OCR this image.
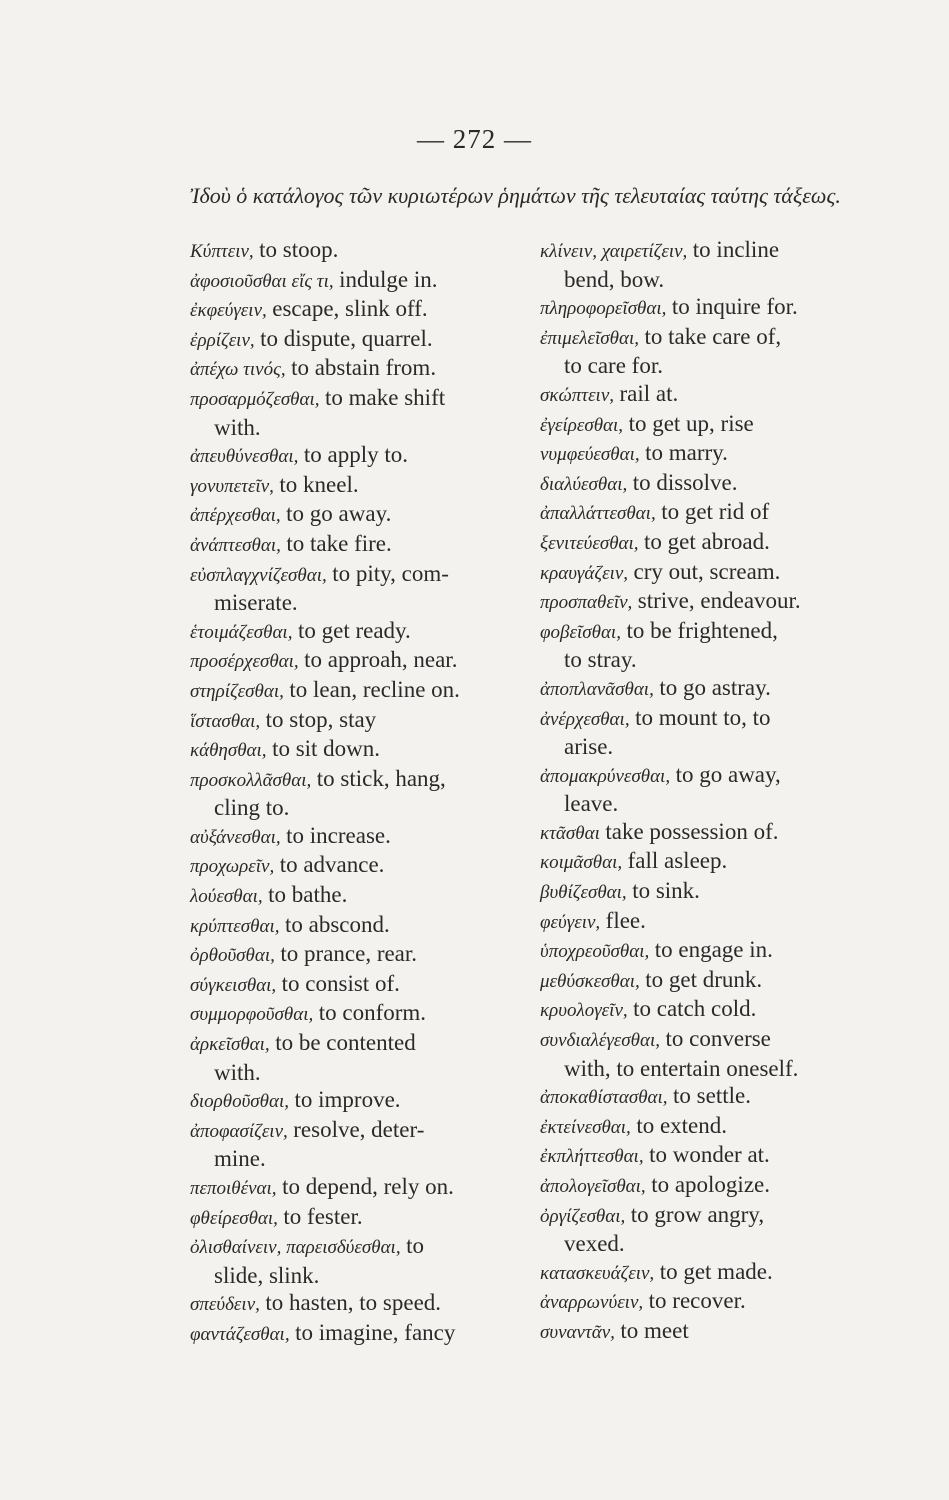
— 272 —
Ἰδοὺ ὁ κατάλογος τῶν κυριωτέρων ῥημάτων τῆς τελευταίας ταύτης τάξεως.
Κύπτειν, to stoop.
ἀφοσιοῦσθαι εἴς τι, indulge in.
ἐκφεύγειν, escape, slink off.
ἐρρίζειν, to dispute, quarrel.
ἀπέχω τινός, to abstain from.
προσαρμόζεσθαι, to make shift
with.
ἀπευθύνεσθαι, to apply to.
γονυπετεῖν, to kneel.
ἀπέρχεσθαι, to go away.
ἀνάπτεσθαι, to take fire.
εὐσπλαγχνίζεσθαι, to pity, com-
miserate.
ἑτοιμάζεσθαι, to get ready.
προσέρχεσθαι, to approah, near.
στηρίζεσθαι, to lean, recline on.
ἵστασθαι, to stop, stay
κάθησθαι, to sit down.
προσκολλᾶσθαι, to stick, hang,
cling to.
αὐξάνεσθαι, to increase.
προχωρεῖν, to advance.
λούεσθαι, to bathe.
κρύπτεσθαι, to abscond.
ὀρθοῦσθαι, to prance, rear.
σύγκεισθαι, to consist of.
συμμορφοῦσθαι, to conform.
ἀρκεῖσθαι, to be contented
with.
διορθοῦσθαι, to improve.
ἀποφασίζειν, resolve, deter-
mine.
πεποιθέναι, to depend, rely on.
φθείρεσθαι, to fester.
ὀλισθαίνειν, παρεισδύεσθαι, to
slide, slink.
σπεύδειν, to hasten, to speed.
φαντάζεσθαι, to imagine, fancy
κλίνειν, χαιρετίζειν, to incline
bend, bow.
πληροφορεῖσθαι, to inquire for.
ἐπιμελεῖσθαι, to take care of,
to care for.
σκώπτειν, rail at.
ἐγείρεσθαι, to get up, rise
νυμφεύεσθαι, to marry.
διαλύεσθαι, to dissolve.
ἀπαλλάττεσθαι, to get rid of
ξενιτεύεσθαι, to get abroad.
κραυγάζειν, cry out, scream.
προσπαθεῖν, strive, endeavour.
φοβεῖσθαι, to be frightened,
to stray.
ἀποπλανᾶσθαι, to go astray.
ἀνέρχεσθαι, to mount to, to
arise.
ἀπομακρύνεσθαι, to go away,
leave.
κτᾶσθαι take possession of.
κοιμᾶσθαι, fall asleep.
βυθίζεσθαι, to sink.
φεύγειν, flee.
ὑποχρεοῦσθαι, to engage in.
μεθύσκεσθαι, to get drunk.
κρυολογεῖν, to catch cold.
συνδιαλέγεσθαι, to converse
with, to entertain oneself.
ἀποκαθίστασθαι, to settle.
ἐκτείνεσθαι, to extend.
ἐκπλήττεσθαι, to wonder at.
ἀπολογεῖσθαι, to apologize.
ὀργίζεσθαι, to grow angry,
vexed.
κατασκευάζειν, to get made.
ἀναρρωνύειν, to recover.
συναντᾶν, to meet
